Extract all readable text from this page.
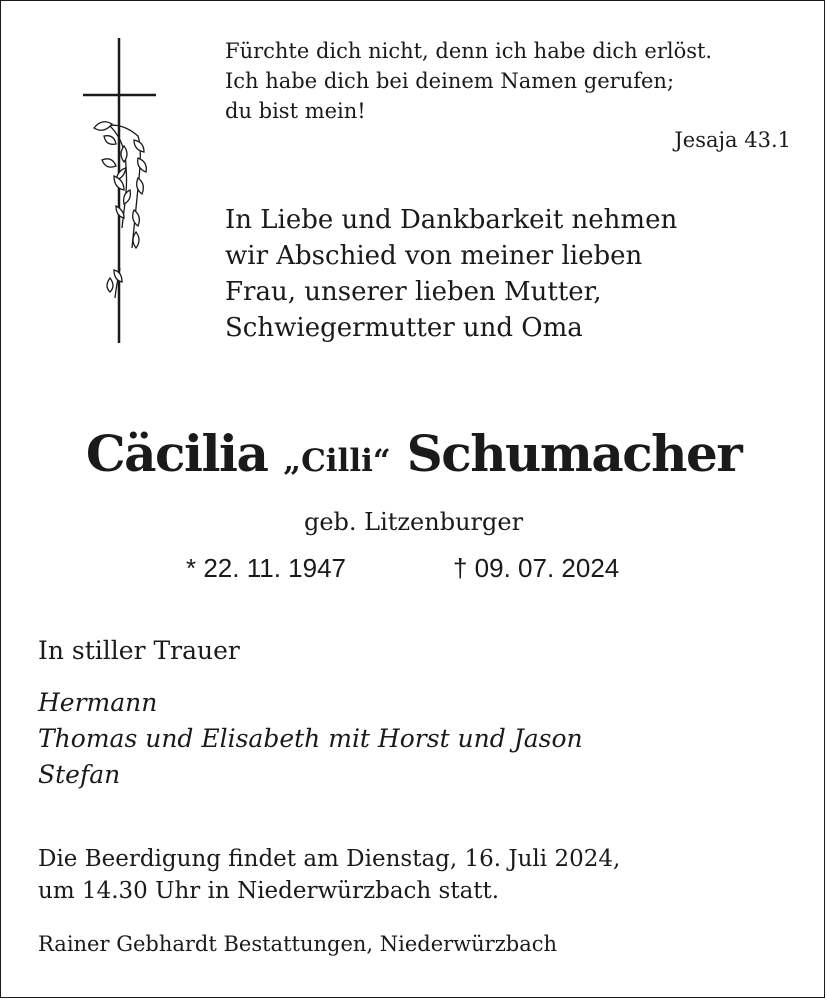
Fürchte dich nicht, denn ich habe dich erlöst.
Ich habe dich bei deinem Namen gerufen;
du bist mein!
Jesaja 43.1
In Liebe und Dankbarkeit nehmen
wir Abschied von meiner lieben
Frau, unserer lieben Mutter,
Schwiegermutter und Oma
Cäcilia „Cilli“ Schumacher
geb. Litzenburger
* 22. 11. 1947	† 09. 07. 2024
In stiller Trauer
Hermann
Thomas und Elisabeth mit Horst und Jason
Stefan
Die Beerdigung findet am Dienstag, 16. Juli 2024,
um 14.30 Uhr in Niederwürzbach statt.
Rainer Gebhardt Bestattungen, Niederwürzbach
